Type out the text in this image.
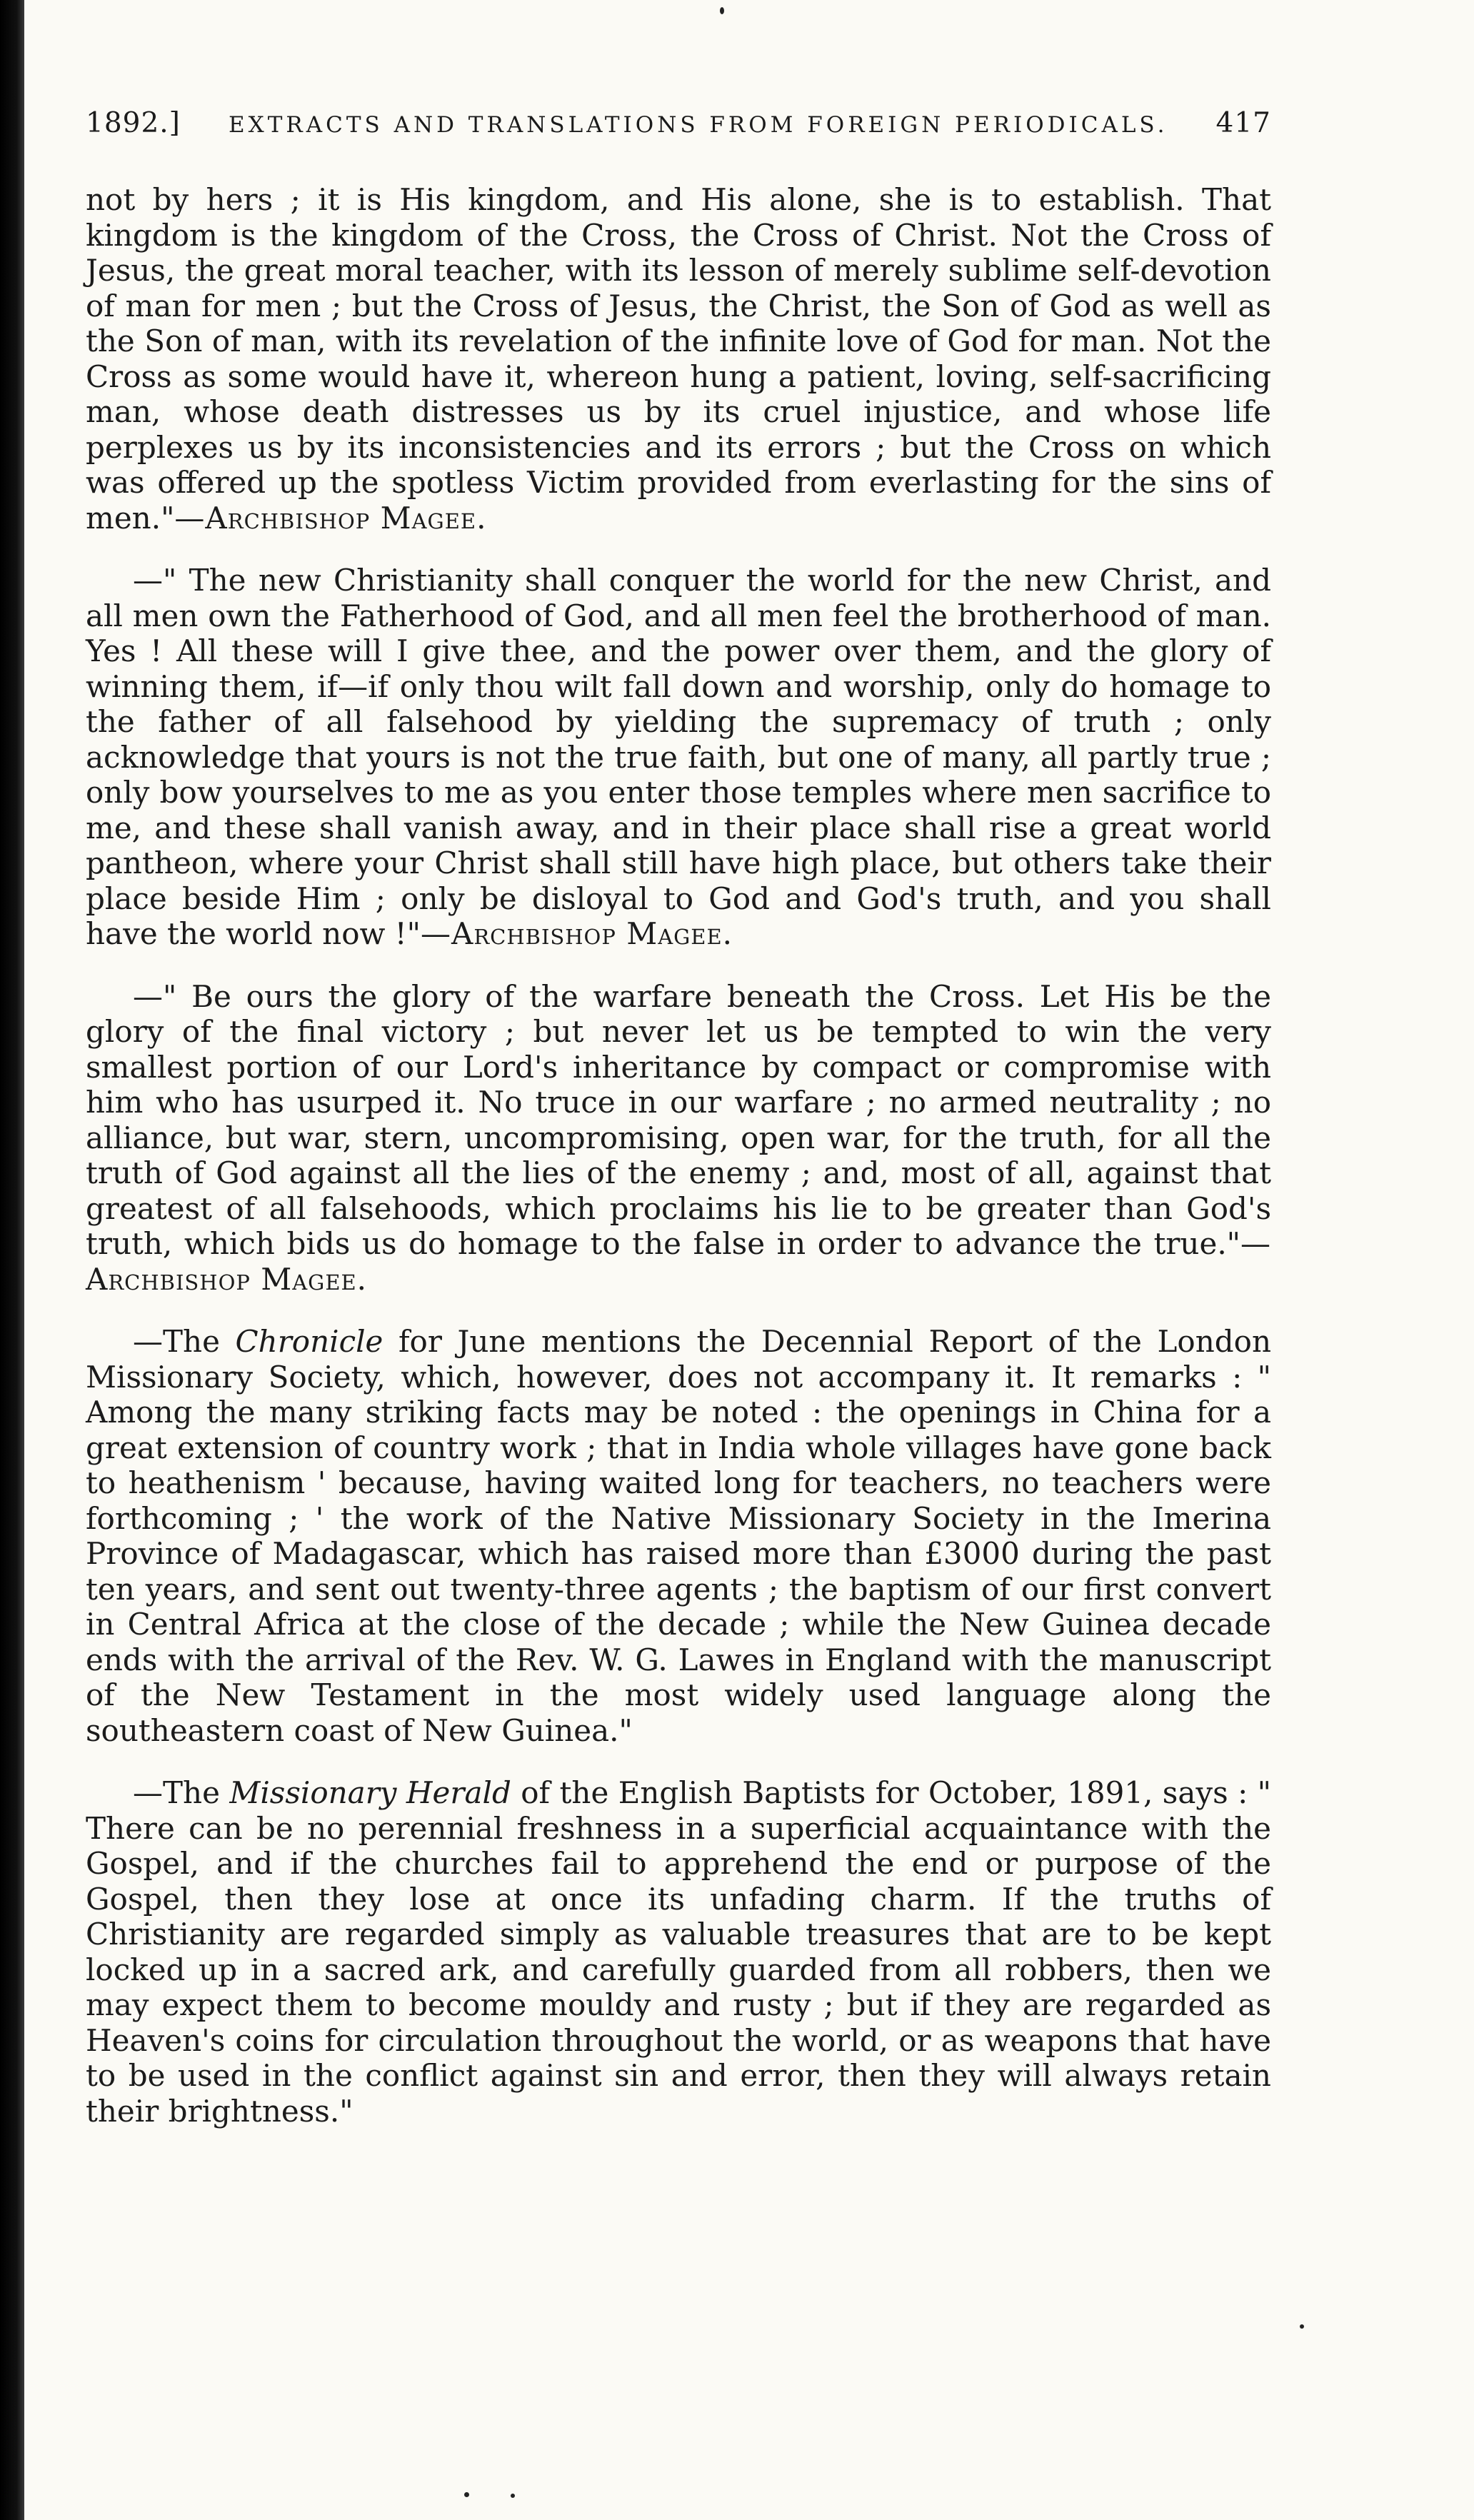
1892.] EXTRACTS AND TRANSLATIONS FROM FOREIGN PERIODICALS. 417

not by hers ; it is His kingdom, and His alone, she is to establish. That kingdom is the kingdom of the Cross, the Cross of Christ. Not the Cross of Jesus, the great moral teacher, with its lesson of merely sublime self-devotion of man for men ; but the Cross of Jesus, the Christ, the Son of God as well as the Son of man, with its revelation of the infinite love of God for man. Not the Cross as some would have it, whereon hung a patient, loving, self-sacrificing man, whose death distresses us by its cruel injustice, and whose life perplexes us by its inconsistencies and its errors ; but the Cross on which was offered up the spotless Victim provided from everlasting for the sins of men."—Archbishop Magee.

—" The new Christianity shall conquer the world for the new Christ, and all men own the Fatherhood of God, and all men feel the brotherhood of man. Yes ! All these will I give thee, and the power over them, and the glory of winning them, if—if only thou wilt fall down and worship, only do homage to the father of all falsehood by yielding the supremacy of truth ; only acknowledge that yours is not the true faith, but one of many, all partly true ; only bow yourselves to me as you enter those temples where men sacrifice to me, and these shall vanish away, and in their place shall rise a great world pantheon, where your Christ shall still have high place, but others take their place beside Him ; only be disloyal to God and God's truth, and you shall have the world now !"—Archbishop Magee.

—" Be ours the glory of the warfare beneath the Cross. Let His be the glory of the final victory ; but never let us be tempted to win the very smallest portion of our Lord's inheritance by compact or compromise with him who has usurped it. No truce in our warfare ; no armed neutrality ; no alliance, but war, stern, uncompromising, open war, for the truth, for all the truth of God against all the lies of the enemy ; and, most of all, against that greatest of all falsehoods, which proclaims his lie to be greater than God's truth, which bids us do homage to the false in order to advance the true."—Archbishop Magee.

—The Chronicle for June mentions the Decennial Report of the London Missionary Society, which, however, does not accompany it. It remarks : " Among the many striking facts may be noted : the openings in China for a great extension of country work ; that in India whole villages have gone back to heathenism ' because, having waited long for teachers, no teachers were forthcoming ; ' the work of the Native Missionary Society in the Imerina Province of Madagascar, which has raised more than £3000 during the past ten years, and sent out twenty-three agents ; the baptism of our first convert in Central Africa at the close of the decade ; while the New Guinea decade ends with the arrival of the Rev. W. G. Lawes in England with the manuscript of the New Testament in the most widely used language along the southeastern coast of New Guinea."

—The Missionary Herald of the English Baptists for October, 1891, says : " There can be no perennial freshness in a superficial acquaintance with the Gospel, and if the churches fail to apprehend the end or purpose of the Gospel, then they lose at once its unfading charm. If the truths of Christianity are regarded simply as valuable treasures that are to be kept locked up in a sacred ark, and carefully guarded from all robbers, then we may expect them to become mouldy and rusty ; but if they are regarded as Heaven's coins for circulation throughout the world, or as weapons that have to be used in the conflict against sin and error, then they will always retain their brightness."
